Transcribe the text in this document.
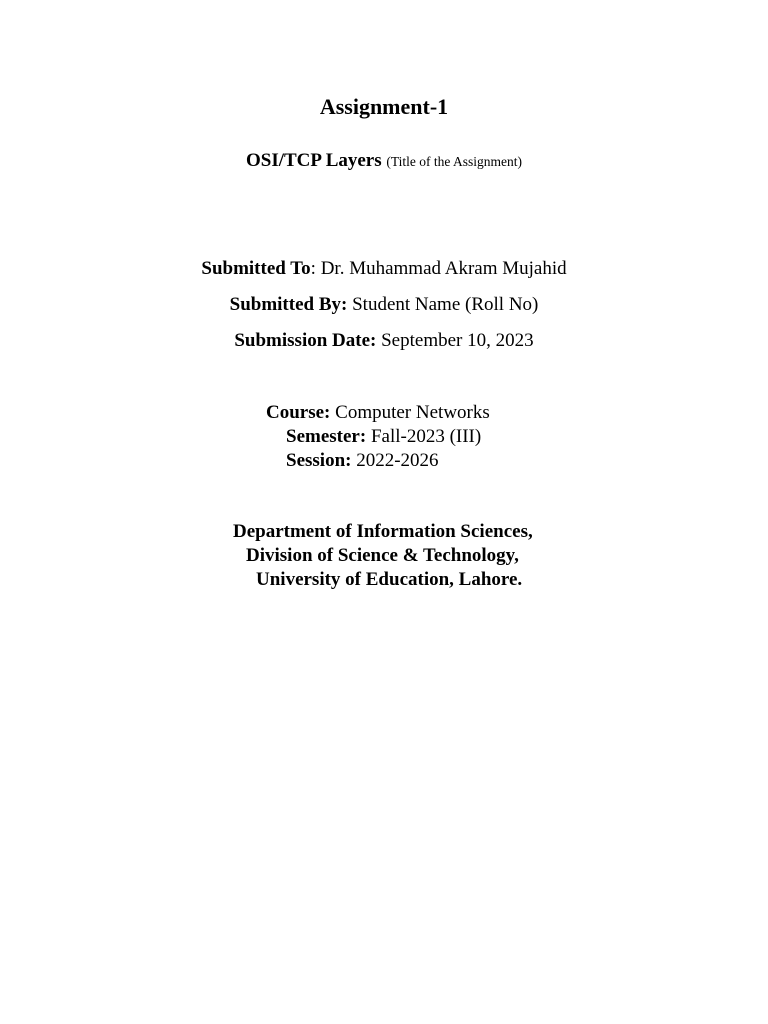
Assignment-1
OSI/TCP Layers (Title of the Assignment)
Submitted To: Dr. Muhammad Akram Mujahid
Submitted By: Student Name (Roll No)
Submission Date: September 10, 2023
Course: Computer Networks
Semester: Fall-2023 (III)
Session: 2022-2026
Department of Information Sciences,
Division of Science & Technology,
University of Education, Lahore.
